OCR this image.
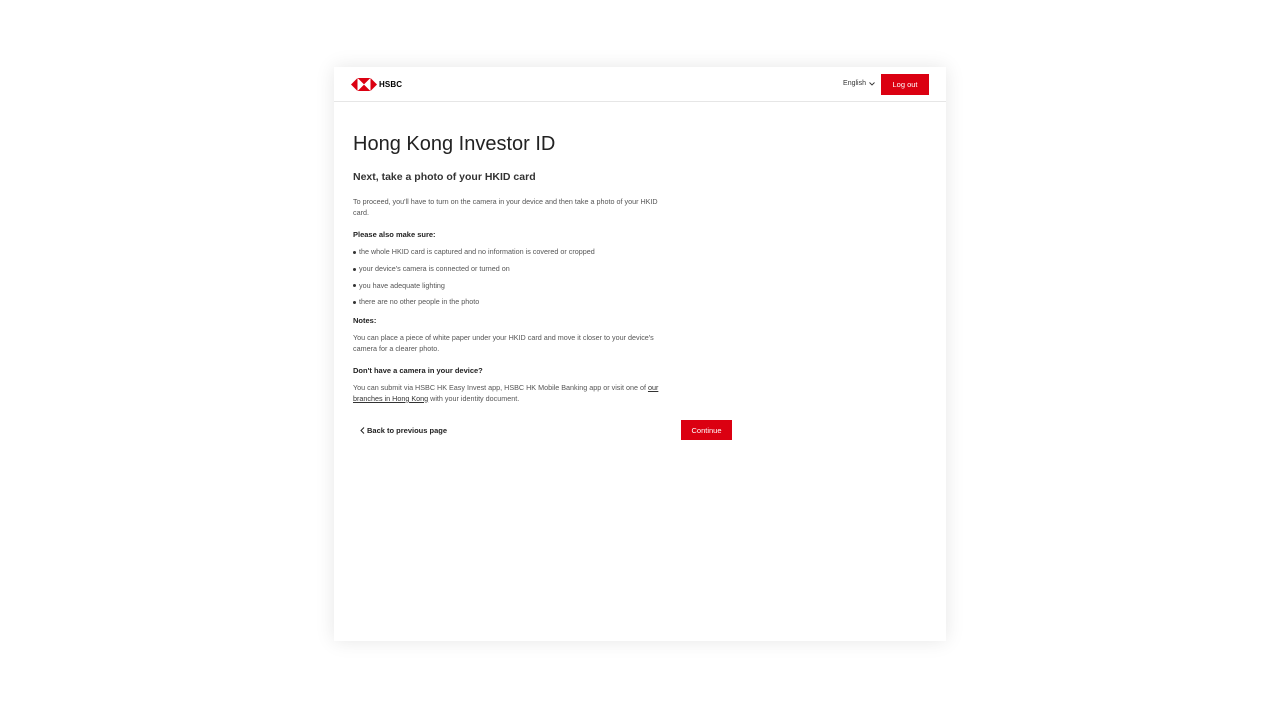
HSBC	English	Log out
Hong Kong Investor ID
Next, take a photo of your HKID card

To proceed, you'll have to turn on the camera in your device and then take a photo of your HKID card.

Please also make sure:
the whole HKID card is captured and no information is covered or cropped
your device's camera is connected or turned on
you have adequate lighting
there are no other people in the photo
Notes:

You can place a piece of white paper under your HKID card and move it closer to your device's camera for a clearer photo.

Don't have a camera in your device?

You can submit via HSBC HK Easy Invest app, HSBC HK Mobile Banking app or visit one of our branches in Hong Kong with your identity document.

Back to previous page	Continue
